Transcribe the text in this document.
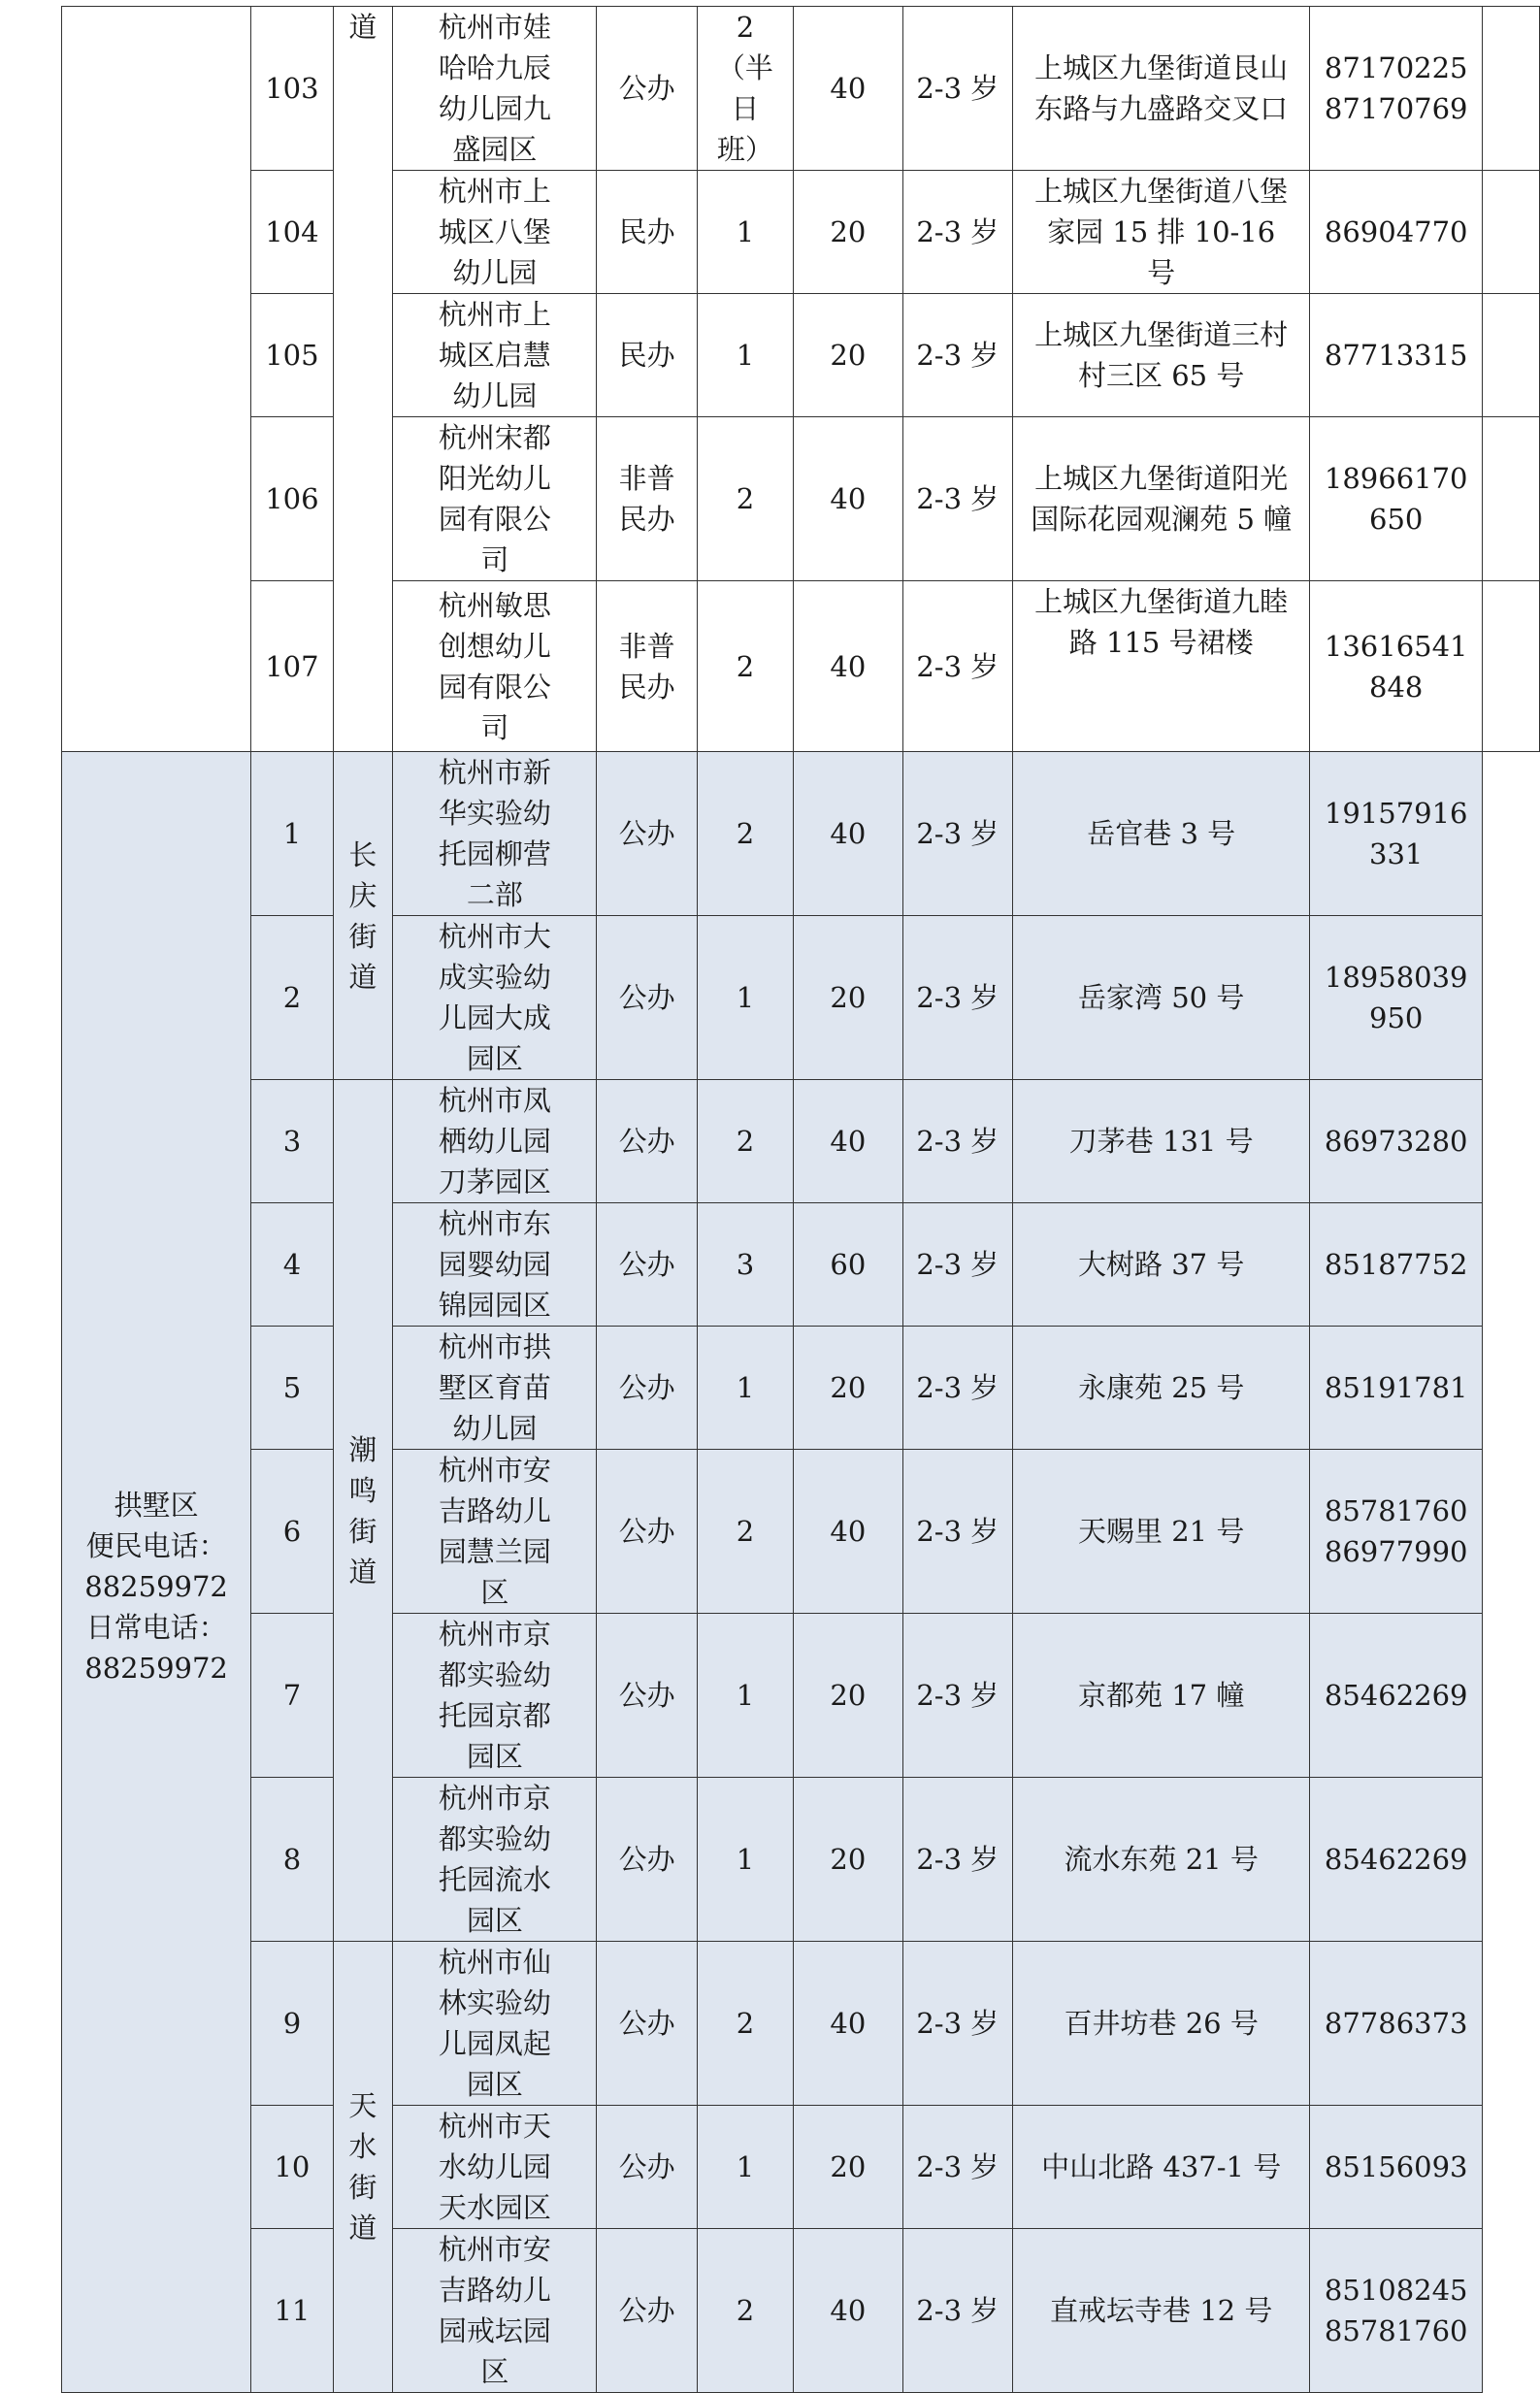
	103	道	杭州市娃哈哈九辰幼儿园九盛园区	公办	2（半日班）	40	2-3 岁	上城区九堡街道艮山东路与九盛路交叉口	87170225
87170769	
	104		杭州市上城区八堡幼儿园	民办	1	20	2-3 岁	上城区九堡街道八堡家园 15 排 10-16 号	86904770	
	105		杭州市上城区启慧幼儿园	民办	1	20	2-3 岁	上城区九堡街道三村村三区 65 号	87713315	
	106		杭州宋都阳光幼儿园有限公司	非普民办	2	40	2-3 岁	上城区九堡街道阳光国际花园观澜苑 5 幢	18966170650	
	107		杭州敏思创想幼儿园有限公司	非普民办	2	40	2-3 岁	上城区九堡街道九睦路 115 号裙楼	13616541848	

拱墅区
便民电话：
88259972
日常电话：
88259972	1	长庆街道	杭州市新华实验幼托园柳营二部	公办	2	40	2-3 岁	岳官巷 3 号	19157916331	
	2		杭州市大成实验幼儿园大成园区	公办	1	20	2-3 岁	岳家湾 50 号	18958039950	
	3	潮鸣街道	杭州市凤栖幼儿园刀茅园区	公办	2	40	2-3 岁	刀茅巷 131 号	86973280	
	4		杭州市东园婴幼园锦园园区	公办	3	60	2-3 岁	大树路 37 号	85187752	
	5		杭州市拱墅区育苗幼儿园	公办	1	20	2-3 岁	永康苑 25 号	85191781	
	6		杭州市安吉路幼儿园慧兰园区	公办	2	40	2-3 岁	天赐里 21 号	85781760
86977990	
	7		杭州市京都实验幼托园京都园区	公办	1	20	2-3 岁	京都苑 17 幢	85462269	
	8		杭州市京都实验幼托园流水园区	公办	1	20	2-3 岁	流水东苑 21 号	85462269	
	9	天水街道	杭州市仙林实验幼儿园凤起园区	公办	2	40	2-3 岁	百井坊巷 26 号	87786373	
	10		杭州市天水幼儿园天水园区	公办	1	20	2-3 岁	中山北路 437-1 号	85156093	
	11		杭州市安吉路幼儿园戒坛园区	公办	2	40	2-3 岁	直戒坛寺巷 12 号	85108245
85781760	
